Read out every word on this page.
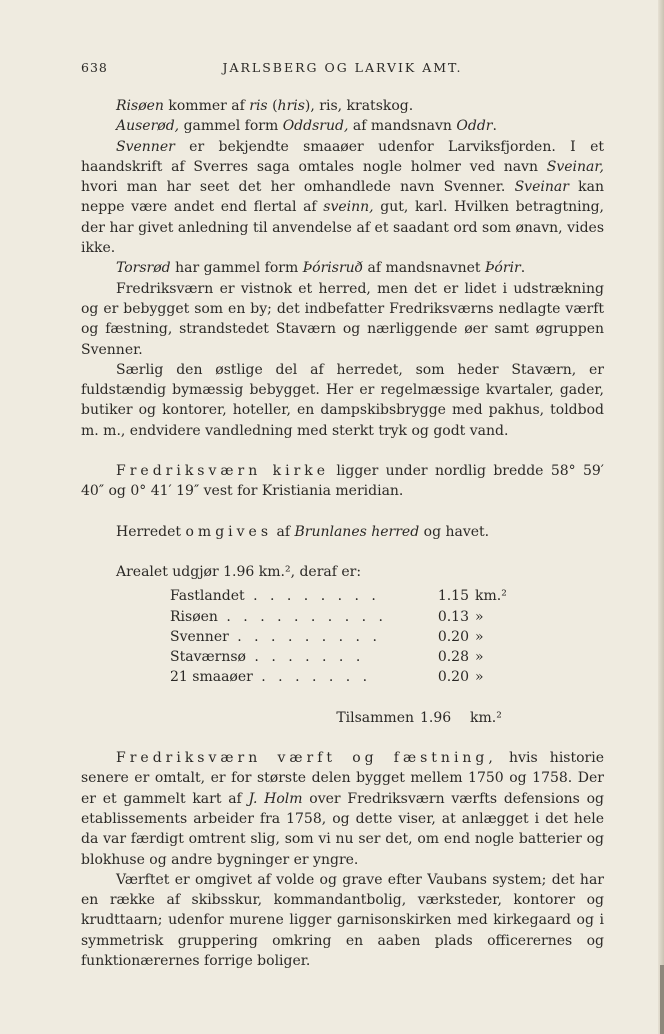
638	JARLSBERG OG LARVIK AMT.

Risøen kommer af ris (hris), ris, kratskog.

Auserød, gammel form Oddsrud, af mandsnavn Oddr.

Svenner er bekjendte smaaøer udenfor Larviksfjorden. I et haandskrift af Sverres saga omtales nogle holmer ved navn Sveinar, hvori man har seet det her omhandlede navn Svenner. Sveinar kan neppe være andet end flertal af sveinn, gut, karl. Hvilken betragtning, der har givet anledning til anvendelse af et saadant ord som ønavn, vides ikke.

Torsrød har gammel form Þórisruð af mandsnavnet Þórir.

Fredriksværn er vistnok et herred, men det er lidet i udstrækning og er bebygget som en by; det indbefatter Fredriksværns nedlagte værft og fæstning, strandstedet Staværn og nærliggende øer samt øgruppen Svenner.

Særlig den østlige del af herredet, som heder Staværn, er fuldstændig bymæssig bebygget. Her er regelmæssige kvartaler, gader, butiker og kontorer, hoteller, en dampskibsbrygge med pakhus, toldbod m. m., endvidere vandledning med sterkt tryk og godt vand.

Fredriksværn kirke ligger under nordlig bredde 58° 59′ 40″ og 0° 41′ 19″ vest for Kristiania meridian.

Herredet omgives af Brunlanes herred og havet.

Arealet udgjør 1.96 km.², deraf er:

Fastlandet . . . . . . . .	1.15 km.²
Risøen . . . . . . . . . .	0.13 »
Svenner . . . . . . . . .	0.20 »
Staværnsø . . . . . . .	0.28 »
21 smaaøer . . . . . . .	0.20 »
Tilsammen 1.96	km.²

Fredriksværn værft og fæstning, hvis historie senere er omtalt, er for største delen bygget mellem 1750 og 1758. Der er et gammelt kart af J. Holm over Fredriksværn værfts defensions og etablissements arbeider fra 1758, og dette viser, at anlægget i det hele da var færdigt omtrent slig, som vi nu ser det, om end nogle batterier og blokhuse og andre bygninger er yngre.

Værftet er omgivet af volde og grave efter Vaubans system; det har en række af skibsskur, kommandantbolig, værksteder, kontorer og krudttaarn; udenfor murene ligger garnisonskirken med kirkegaard og i symmetrisk gruppering omkring en aaben plads officerernes og funktionærernes forrige boliger.
